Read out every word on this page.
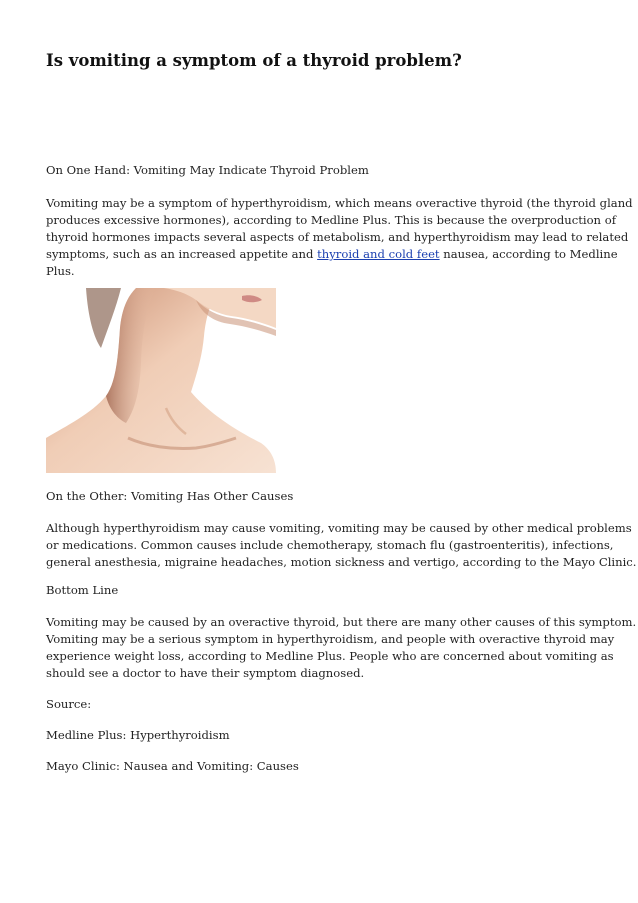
Is vomiting a symptom of a thyroid problem?

On One Hand: Vomiting May Indicate Thyroid Problem

Vomiting may be a symptom of hyperthyroidism, which means overactive thyroid (the thyroid gland

produces excessive hormones), according to Medline Plus. This is because the overproduction of

thyroid hormones impacts several aspects of metabolism, and hyperthyroidism may lead to related

symptoms, such as an increased appetite and thyroid and cold feet nausea, according to Medline

Plus.

On the Other: Vomiting Has Other Causes

Although hyperthyroidism may cause vomiting, vomiting may be caused by other medical problems

or medications. Common causes include chemotherapy, stomach flu (gastroenteritis), infections,

general anesthesia, migraine headaches, motion sickness and vertigo, according to the Mayo Clinic.

Bottom Line

Vomiting may be caused by an overactive thyroid, but there are many other causes of this symptom.

Vomiting may be a serious symptom in hyperthyroidism, and people with overactive thyroid may

experience weight loss, according to Medline Plus. People who are concerned about vomiting as

should see a doctor to have their symptom diagnosed.

Source:

Medline Plus: Hyperthyroidism

Mayo Clinic: Nausea and Vomiting: Causes
